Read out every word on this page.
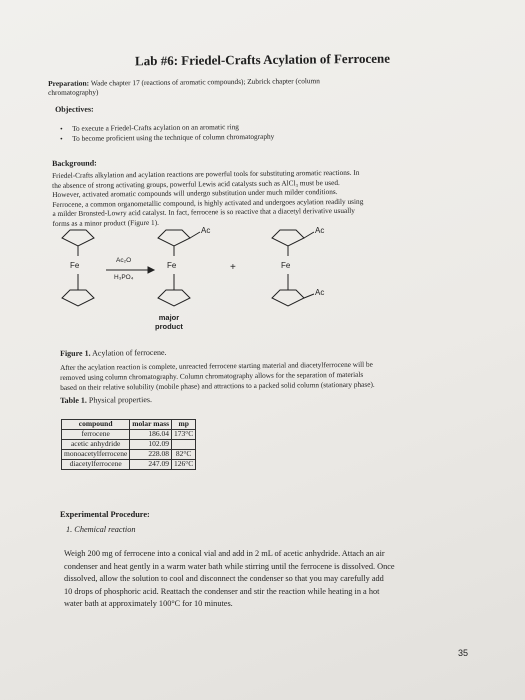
Lab #6: Friedel-Crafts Acylation of Ferrocene
Preparation: Wade chapter 17 (reactions of aromatic compounds); Zubrick chapter (column
chromatography)
Objectives:
• To execute a Friedel-Crafts acylation on an aromatic ring
• To become proficient using the technique of column chromatography
Background:
Friedel-Crafts alkylation and acylation reactions are powerful tools for substituting aromatic reactions. In
the absence of strong activating groups, powerful Lewis acid catalysts such as AlCl₃ must be used.
However, activated aromatic compounds will undergo substitution under much milder conditions.
Ferrocene, a common organometallic compound, is highly activated and undergoes acylation readily using
a milder Bronsted-Lowry acid catalyst. In fact, ferrocene is so reactive that a diacetyl derivative usually
forms as a minor product (Figure 1).
Fe
Ac₂O
H₃PO₄
Fe
Ac
+	Fe
Ac
Ac
major
product
Figure 1. Acylation of ferrocene.
After the acylation reaction is complete, unreacted ferrocene starting material and diacetylferrocene will be
removed using column chromatography. Column chromatography allows for the separation of materials
based on their relative solubility (mobile phase) and attractions to a packed solid column (stationary phase).
Table 1. Physical properties.
compound	molar mass	mp
ferrocene	186.04	173°C
acetic anhydride	102.09	
monoacetylferrocene	228.08	82°C
diacetylferrocene	247.09	126°C
Experimental Procedure:
1. Chemical reaction
Weigh 200 mg of ferrocene into a conical vial and add in 2 mL of acetic anhydride. Attach an air
condenser and heat gently in a warm water bath while stirring until the ferrocene is dissolved. Once
dissolved, allow the solution to cool and disconnect the condenser so that you may carefully add
10 drops of phosphoric acid. Reattach the condenser and stir the reaction while heating in a hot
water bath at approximately 100°C for 10 minutes.
35
